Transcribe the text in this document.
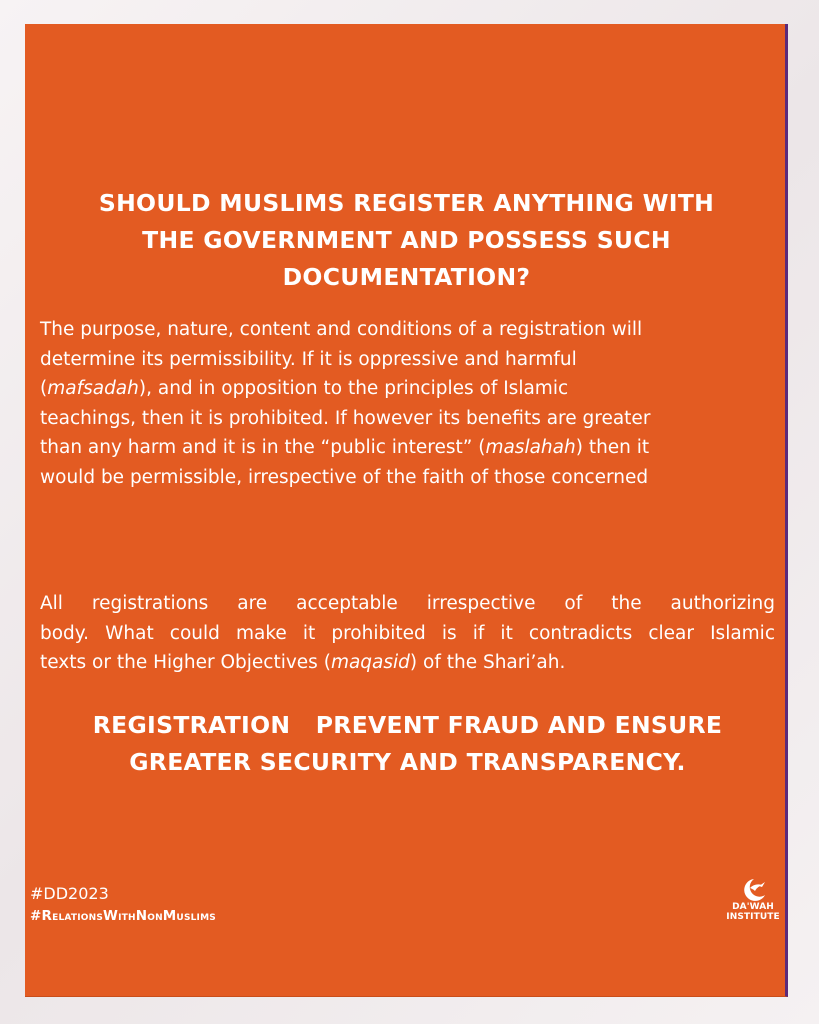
SHOULD MUSLIMS REGISTER ANYTHING WITH
THE GOVERNMENT AND POSSESS SUCH
DOCUMENTATION?

The purpose, nature, content and conditions of a registration will
determine its permissibility. If it is oppressive and harmful
(mafsadah), and in opposition to the principles of Islamic
teachings, then it is prohibited. If however its benefits are greater
than any harm and it is in the “public interest” (maslahah) then it
would be permissible, irrespective of the faith of those concerned

All registrations are acceptable irrespective of the authorizing
body. What could make it prohibited is if it contradicts clear Islamic
texts or the Higher Objectives (maqasid) of the Shari’ah.

REGISTRATION   PREVENT FRAUD AND ENSURE
GREATER SECURITY AND TRANSPARENCY.
#DD2023
#RelationsWithNonMuslims
DA'WAH
INSTITUTE
